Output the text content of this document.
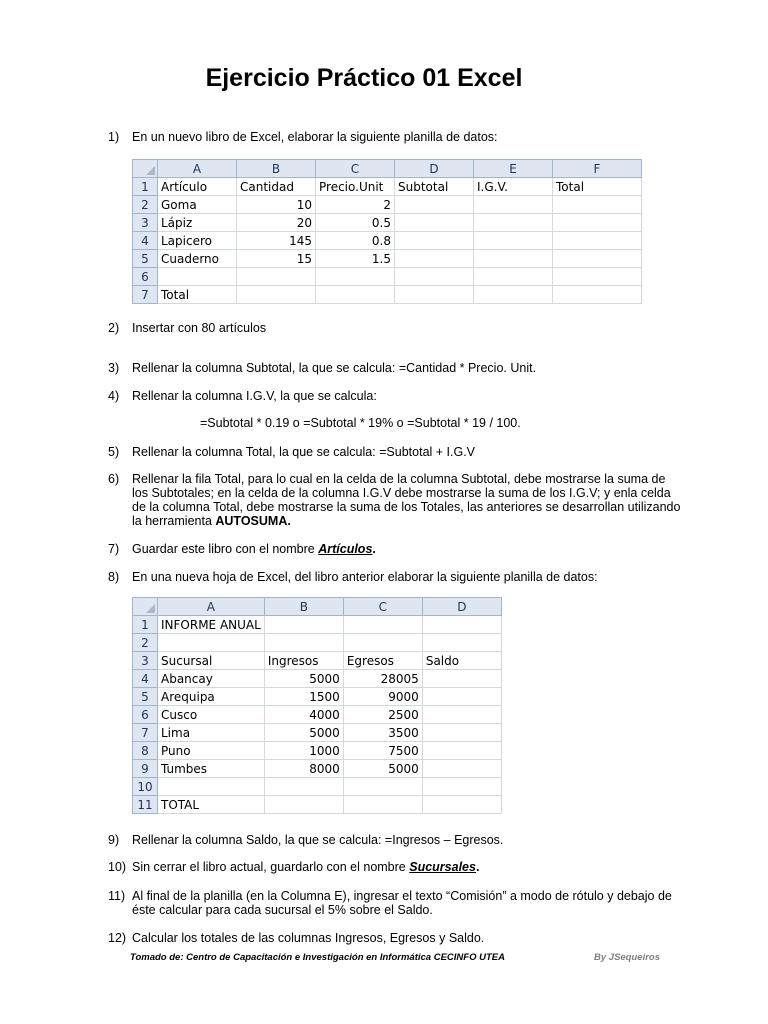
Ejercicio Práctico 01 Excel
1) En un nuevo libro de Excel, elaborar la siguiente planilla de datos:
	A	B	C	D	E	F
1	Artículo	Cantidad	Precio.Unit	Subtotal	I.G.V.	Total
2	Goma	10	2			
3	Lápiz	20	0.5			
4	Lapicero	145	0.8			
5	Cuaderno	15	1.5			
6						
7	Total					
2) Insertar con 80 artículos
3) Rellenar la columna Subtotal, la que se calcula: =Cantidad * Precio. Unit.
4) Rellenar la columna I.G.V, la que se calcula:
=Subtotal * 0.19 o =Subtotal * 19% o =Subtotal * 19 / 100.
5) Rellenar la columna Total, la que se calcula: =Subtotal + I.G.V
6) Rellenar la fila Total, para lo cual en la celda de la columna Subtotal, debe mostrarse la suma de los Subtotales; en la celda de la columna I.G.V debe mostrarse la suma de los I.G.V; y enla celda de la columna Total, debe mostrarse la suma de los Totales, las anteriores se desarrollan utilizando la herramienta AUTOSUMA.
7) Guardar este libro con el nombre Artículos.
8) En una nueva hoja de Excel, del libro anterior elaborar la siguiente planilla de datos:
	A	B	C	D
1	INFORME ANUAL			
2				
3	Sucursal	Ingresos	Egresos	Saldo
4	Abancay	5000	28005	
5	Arequipa	1500	9000	
6	Cusco	4000	2500	
7	Lima	5000	3500	
8	Puno	1000	7500	
9	Tumbes	8000	5000	
10				
11	TOTAL			
9) Rellenar la columna Saldo, la que se calcula: =Ingresos – Egresos.
10) Sin cerrar el libro actual, guardarlo con el nombre Sucursales.
11) Al final de la planilla (en la Columna E), ingresar el texto “Comisión” a modo de rótulo y debajo de éste calcular para cada sucursal el 5% sobre el Saldo.
12) Calcular los totales de las columnas Ingresos, Egresos y Saldo.
Tomado de: Centro de Capacitación e Investigación en Informática CECINFO UTEA	By JSequeiros
